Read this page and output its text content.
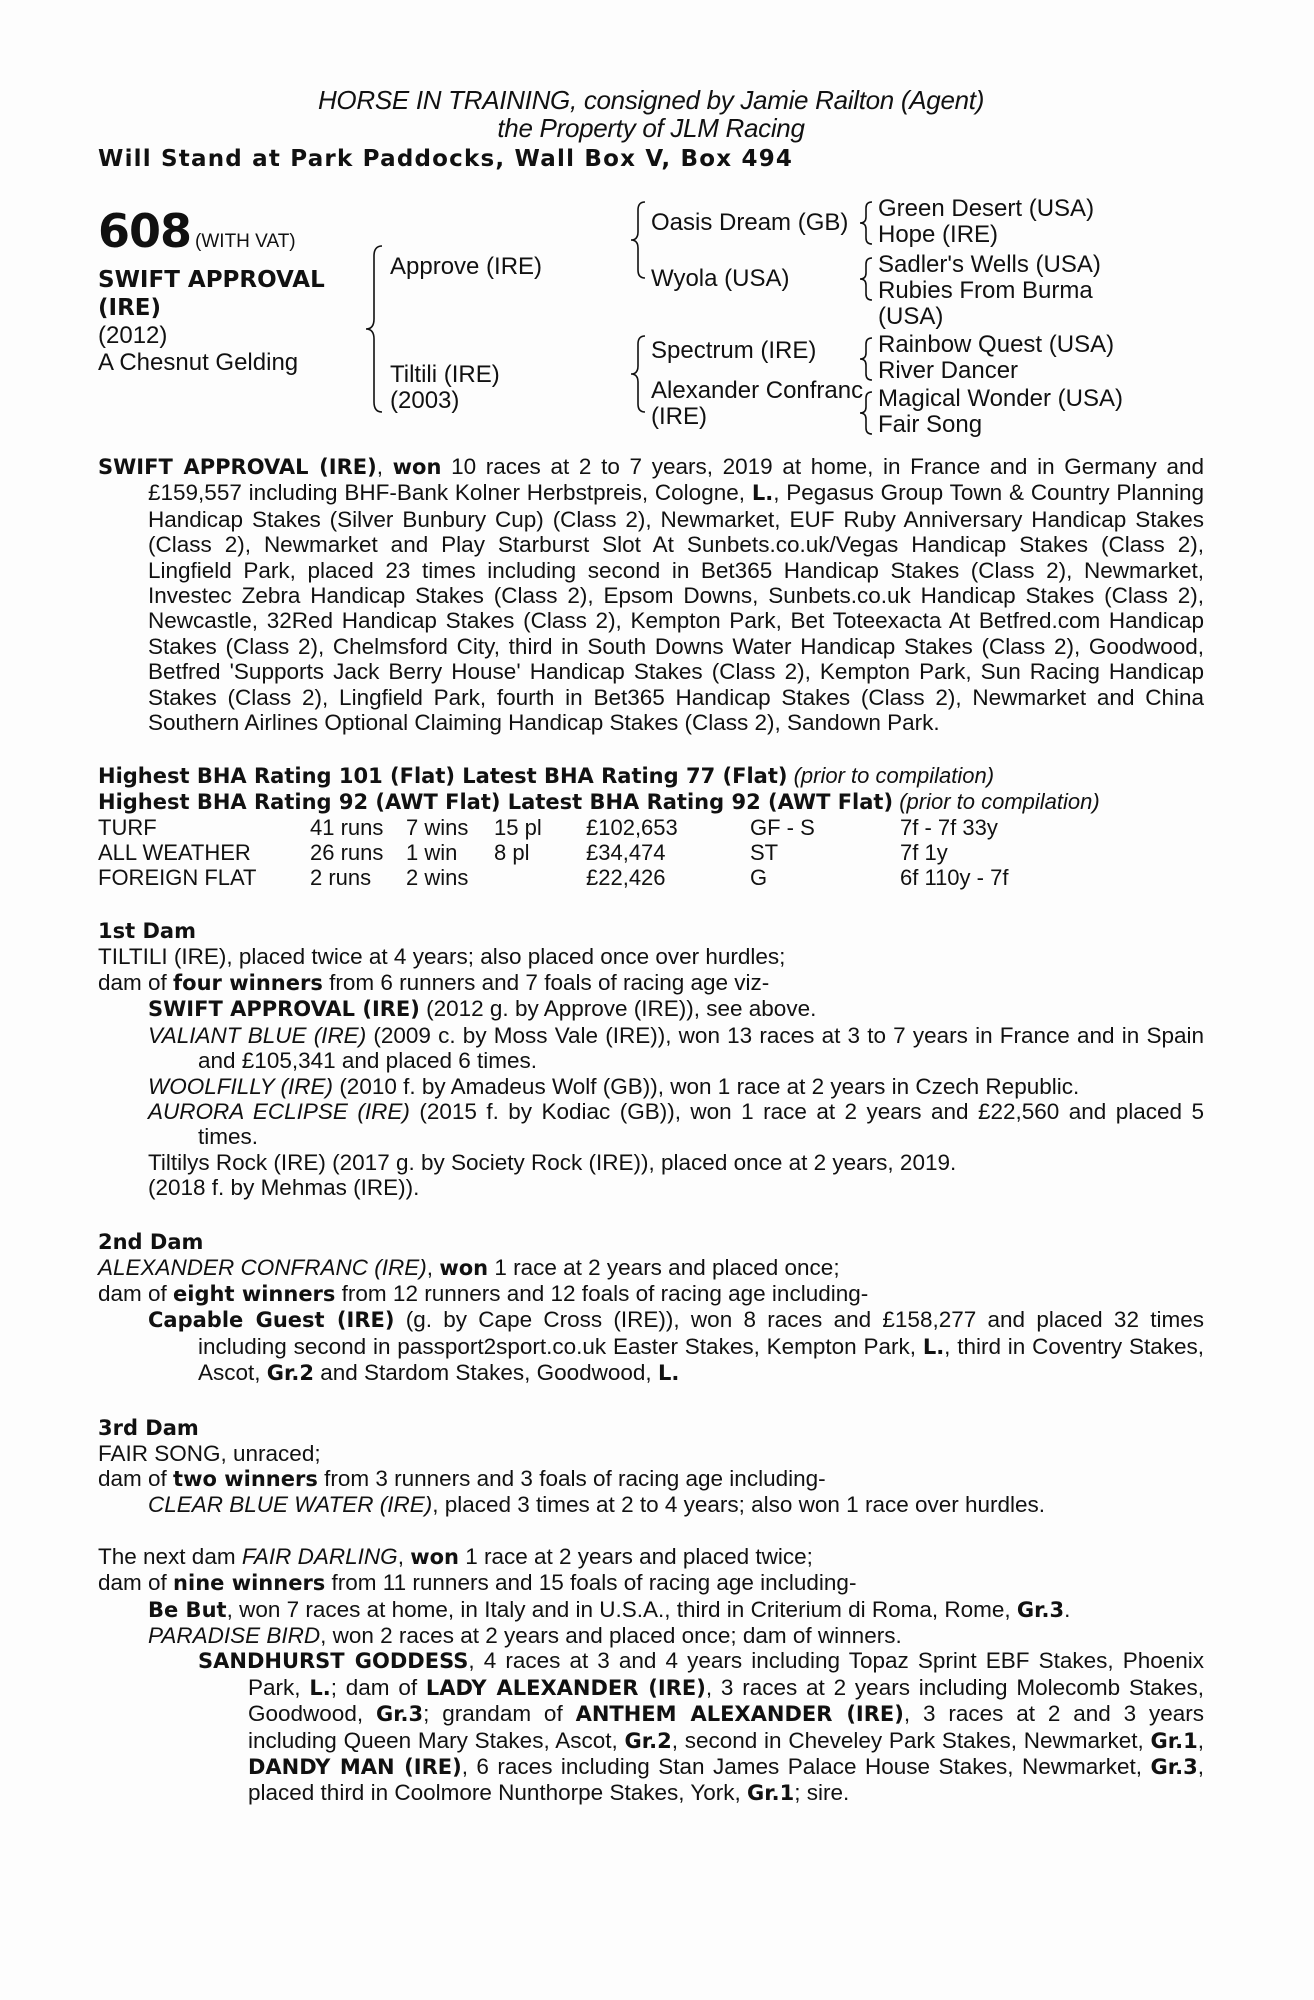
HORSE IN TRAINING, consigned by Jamie Railton (Agent)
the Property of JLM Racing
Will Stand at Park Paddocks, Wall Box V, Box 494
608 (WITH VAT)
SWIFT APPROVAL (IRE)
(2012)
A Chesnut Gelding
Approve (IRE)
Tiltili (IRE)
(2003)
Oasis Dream (GB)
Wyola (USA)
Spectrum (IRE)
Alexander Confranc (IRE)
Green Desert (USA)
Hope (IRE)
Sadler's Wells (USA)
Rubies From Burma (USA)
Rainbow Quest (USA)
River Dancer
Magical Wonder (USA)
Fair Song

SWIFT APPROVAL (IRE), won 10 races at 2 to 7 years, 2019 at home, in France and in Germany and £159,557 including BHF-Bank Kolner Herbstpreis, Cologne, L., Pegasus Group Town & Country Planning Handicap Stakes (Silver Bunbury Cup) (Class 2), Newmarket, EUF Ruby Anniversary Handicap Stakes (Class 2), Newmarket and Play Starburst Slot At Sunbets.co.uk/Vegas Handicap Stakes (Class 2), Lingfield Park, placed 23 times including second in Bet365 Handicap Stakes (Class 2), Newmarket, Investec Zebra Handicap Stakes (Class 2), Epsom Downs, Sunbets.co.uk Handicap Stakes (Class 2), Newcastle, 32Red Handicap Stakes (Class 2), Kempton Park, Bet Toteexacta At Betfred.com Handicap Stakes (Class 2), Chelmsford City, third in South Downs Water Handicap Stakes (Class 2), Goodwood, Betfred 'Supports Jack Berry House' Handicap Stakes (Class 2), Kempton Park, Sun Racing Handicap Stakes (Class 2), Lingfield Park, fourth in Bet365 Handicap Stakes (Class 2), Newmarket and China Southern Airlines Optional Claiming Handicap Stakes (Class 2), Sandown Park.

Highest BHA Rating 101 (Flat) Latest BHA Rating 77 (Flat) (prior to compilation)

Highest BHA Rating 92 (AWT Flat) Latest BHA Rating 92 (AWT Flat) (prior to compilation)

TURF	41 runs	7 wins	15 pl	£102,653	GF - S	7f - 7f 33y
ALL WEATHER	26 runs	1 win	8 pl	£34,474	ST	7f 1y
FOREIGN FLAT	2 runs	2 wins		£22,426	G	6f 110y - 7f
1st Dam

TILTILI (IRE), placed twice at 4 years; also placed once over hurdles;

dam of four winners from 6 runners and 7 foals of racing age viz-

SWIFT APPROVAL (IRE) (2012 g. by Approve (IRE)), see above.

VALIANT BLUE (IRE) (2009 c. by Moss Vale (IRE)), won 13 races at 3 to 7 years in France and in Spain and £105,341 and placed 6 times.

WOOLFILLY (IRE) (2010 f. by Amadeus Wolf (GB)), won 1 race at 2 years in Czech Republic.

AURORA ECLIPSE (IRE) (2015 f. by Kodiac (GB)), won 1 race at 2 years and £22,560 and placed 5 times.

Tiltilys Rock (IRE) (2017 g. by Society Rock (IRE)), placed once at 2 years, 2019.

(2018 f. by Mehmas (IRE)).

2nd Dam

ALEXANDER CONFRANC (IRE), won 1 race at 2 years and placed once;

dam of eight winners from 12 runners and 12 foals of racing age including-

Capable Guest (IRE) (g. by Cape Cross (IRE)), won 8 races and £158,277 and placed 32 times including second in passport2sport.co.uk Easter Stakes, Kempton Park, L., third in Coventry Stakes, Ascot, Gr.2 and Stardom Stakes, Goodwood, L.

3rd Dam

FAIR SONG, unraced;

dam of two winners from 3 runners and 3 foals of racing age including-

CLEAR BLUE WATER (IRE), placed 3 times at 2 to 4 years; also won 1 race over hurdles.

The next dam FAIR DARLING, won 1 race at 2 years and placed twice;

dam of nine winners from 11 runners and 15 foals of racing age including-

Be But, won 7 races at home, in Italy and in U.S.A., third in Criterium di Roma, Rome, Gr.3.

PARADISE BIRD, won 2 races at 2 years and placed once; dam of winners.

SANDHURST GODDESS, 4 races at 3 and 4 years including Topaz Sprint EBF Stakes, Phoenix Park, L.; dam of LADY ALEXANDER (IRE), 3 races at 2 years including Molecomb Stakes, Goodwood, Gr.3; grandam of ANTHEM ALEXANDER (IRE), 3 races at 2 and 3 years including Queen Mary Stakes, Ascot, Gr.2, second in Cheveley Park Stakes, Newmarket, Gr.1, DANDY MAN (IRE), 6 races including Stan James Palace House Stakes, Newmarket, Gr.3, placed third in Coolmore Nunthorpe Stakes, York, Gr.1; sire.
